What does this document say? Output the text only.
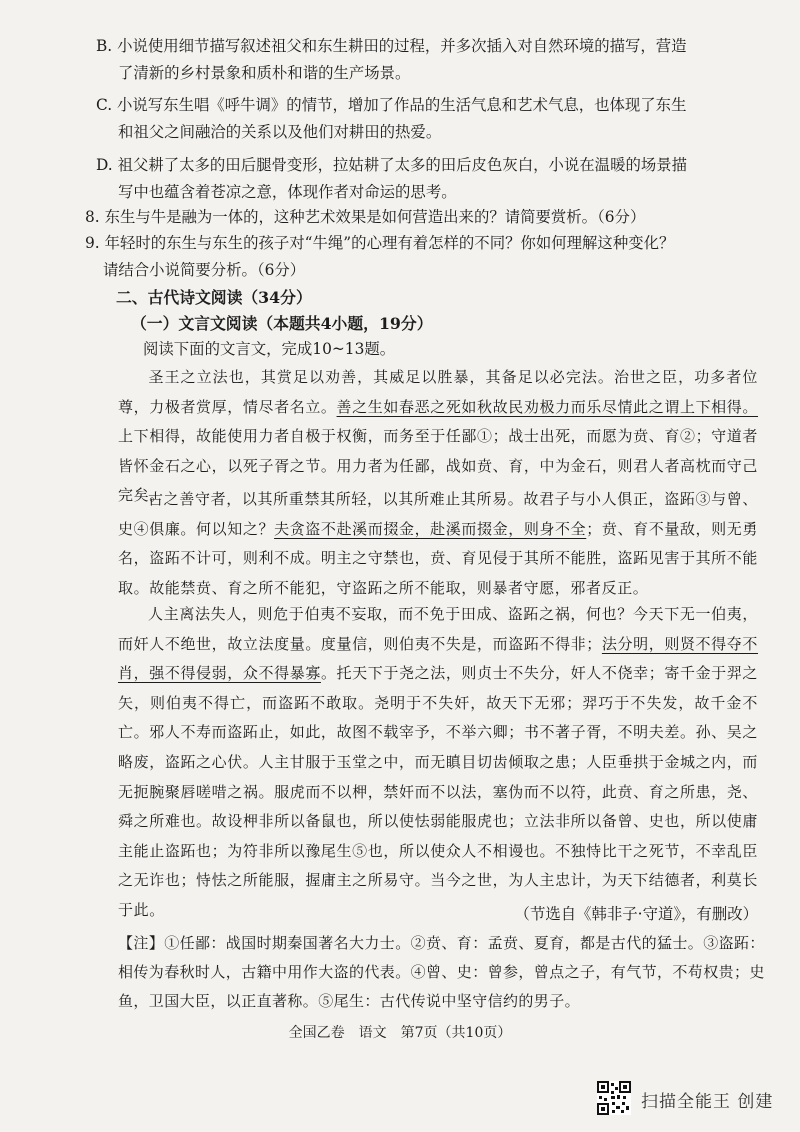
B. 小说使用细节描写叙述祖父和东生耕田的过程，并多次插入对自然环境的描写，营造
了清新的乡村景象和质朴和谐的生产场景。
C. 小说写东生唱《呼牛调》的情节，增加了作品的生活气息和艺术气息，也体现了东生
和祖父之间融洽的关系以及他们对耕田的热爱。
D. 祖父耕了太多的田后腿骨变形，拉姑耕了太多的田后皮色灰白，小说在温暖的场景描
写中也蕴含着苍凉之意，体现作者对命运的思考。
8. 东生与牛是融为一体的，这种艺术效果是如何营造出来的？请简要赏析。（6分）
9. 年轻时的东生与东生的孩子对“牛绳”的心理有着怎样的不同？你如何理解这种变化？
请结合小说简要分析。（6分）
二、古代诗文阅读（34分）
（一）文言文阅读（本题共4小题，19分）
阅读下面的文言文，完成10~13题。
圣王之立法也，其赏足以劝善，其威足以胜暴，其备足以必完法。治世之臣，功多者位尊，力极者赏厚，情尽者名立。善之生如春恶之死如秋故民劝极力而乐尽情此之谓上下相得。上下相得，故能使用力者自极于权衡，而务至于任鄙①；战士出死，而愿为贲、育②；守道者皆怀金石之心，以死子胥之节。用力者为任鄙，战如贲、育，中为金石，则君人者高枕而守己完矣。
古之善守者，以其所重禁其所轻，以其所难止其所易。故君子与小人俱正，盗跖③与曾、史④俱廉。何以知之？夫贪盗不赴溪而掇金，赴溪而掇金，则身不全；贲、育不量敌，则无勇名，盗跖不计可，则利不成。明主之守禁也，贲、育见侵于其所不能胜，盗跖见害于其所不能取。故能禁贲、育之所不能犯，守盗跖之所不能取，则暴者守愿，邪者反正。
人主离法失人，则危于伯夷不妄取，而不免于田成、盗跖之祸，何也？今天下无一伯夷，而奸人不绝世，故立法度量。度量信，则伯夷不失是，而盗跖不得非；法分明，则贤不得夺不肖，强不得侵弱，众不得暴寡。托天下于尧之法，则贞士不失分，奸人不侥幸；寄千金于羿之矢，则伯夷不得亡，而盗跖不敢取。尧明于不失奸，故天下无邪；羿巧于不失发，故千金不亡。邪人不寿而盗跖止，如此，故图不载宰予，不举六卿；书不著子胥，不明夫差。孙、吴之略废，盗跖之心伏。人主甘服于玉堂之中，而无瞋目切齿倾取之患；人臣垂拱于金城之内，而无扼腕聚唇嗟唶之祸。服虎而不以柙，禁奸而不以法，塞伪而不以符，此贲、育之所患，尧、舜之所难也。故设柙非所以备鼠也，所以使怯弱能服虎也；立法非所以备曾、史也，所以使庸主能止盗跖也；为符非所以豫尾生⑤也，所以使众人不相谩也。不独恃比干之死节，不幸乱臣之无诈也；恃怯之所能服，握庸主之所易守。当今之世，为人主忠计，为天下结德者，利莫长于此。	（节选自《韩非子·守道》，有删改）
【注】①任鄙：战国时期秦国著名大力士。②贲、育：孟贲、夏育，都是古代的猛士。③盗跖：相传为春秋时人，古籍中用作大盗的代表。④曾、史：曾参，曾点之子，有气节，不苟权贵；史鱼，卫国大臣，以正直著称。⑤尾生：古代传说中坚守信约的男子。
全国乙卷　语文　第7页（共10页）
扫描全能王 创建
